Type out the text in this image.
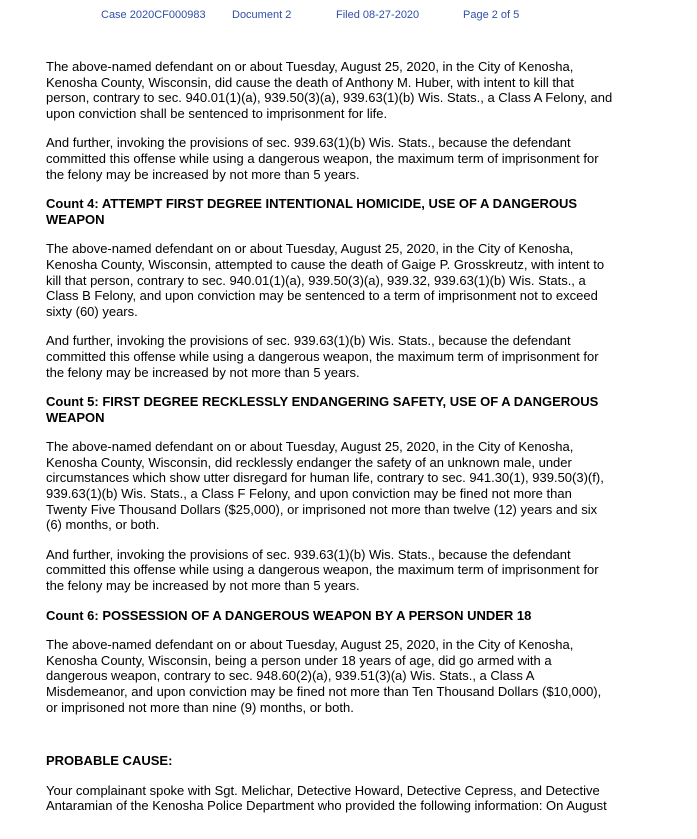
Case 2020CF000983 Document 2	Filed 08-27-2020	Page 2 of 5
The above-named defendant on or about Tuesday, August 25, 2020, in the City of Kenosha,
Kenosha County, Wisconsin, did cause the death of Anthony M. Huber, with intent to kill that
person, contrary to sec. 940.01(1)(a), 939.50(3)(a), 939.63(1)(b) Wis. Stats., a Class A Felony, and
upon conviction shall be sentenced to imprisonment for life.
And further, invoking the provisions of sec. 939.63(1)(b) Wis. Stats., because the defendant
committed this offense while using a dangerous weapon, the maximum term of imprisonment for
the felony may be increased by not more than 5 years.
Count 4: ATTEMPT FIRST DEGREE INTENTIONAL HOMICIDE, USE OF A DANGEROUS
WEAPON
The above-named defendant on or about Tuesday, August 25, 2020, in the City of Kenosha,
Kenosha County, Wisconsin, attempted to cause the death of Gaige P. Grosskreutz, with intent to
kill that person, contrary to sec. 940.01(1)(a), 939.50(3)(a), 939.32, 939.63(1)(b) Wis. Stats., a
Class B Felony, and upon conviction may be sentenced to a term of imprisonment not to exceed
sixty (60) years.
And further, invoking the provisions of sec. 939.63(1)(b) Wis. Stats., because the defendant
committed this offense while using a dangerous weapon, the maximum term of imprisonment for
the felony may be increased by not more than 5 years.
Count 5: FIRST DEGREE RECKLESSLY ENDANGERING SAFETY, USE OF A DANGEROUS
WEAPON
The above-named defendant on or about Tuesday, August 25, 2020, in the City of Kenosha,
Kenosha County, Wisconsin, did recklessly endanger the safety of an unknown male, under
circumstances which show utter disregard for human life, contrary to sec. 941.30(1), 939.50(3)(f),
939.63(1)(b) Wis. Stats., a Class F Felony, and upon conviction may be fined not more than
Twenty Five Thousand Dollars ($25,000), or imprisoned not more than twelve (12) years and six
(6) months, or both.
And further, invoking the provisions of sec. 939.63(1)(b) Wis. Stats., because the defendant
committed this offense while using a dangerous weapon, the maximum term of imprisonment for
the felony may be increased by not more than 5 years.
Count 6: POSSESSION OF A DANGEROUS WEAPON BY A PERSON UNDER 18
The above-named defendant on or about Tuesday, August 25, 2020, in the City of Kenosha,
Kenosha County, Wisconsin, being a person under 18 years of age, did go armed with a
dangerous weapon, contrary to sec. 948.60(2)(a), 939.51(3)(a) Wis. Stats., a Class A
Misdemeanor, and upon conviction may be fined not more than Ten Thousand Dollars ($10,000),
or imprisoned not more than nine (9) months, or both.
PROBABLE CAUSE:
Your complainant spoke with Sgt. Melichar, Detective Howard, Detective Cepress, and Detective
Antaramian of the Kenosha Police Department who provided the following information: On August
